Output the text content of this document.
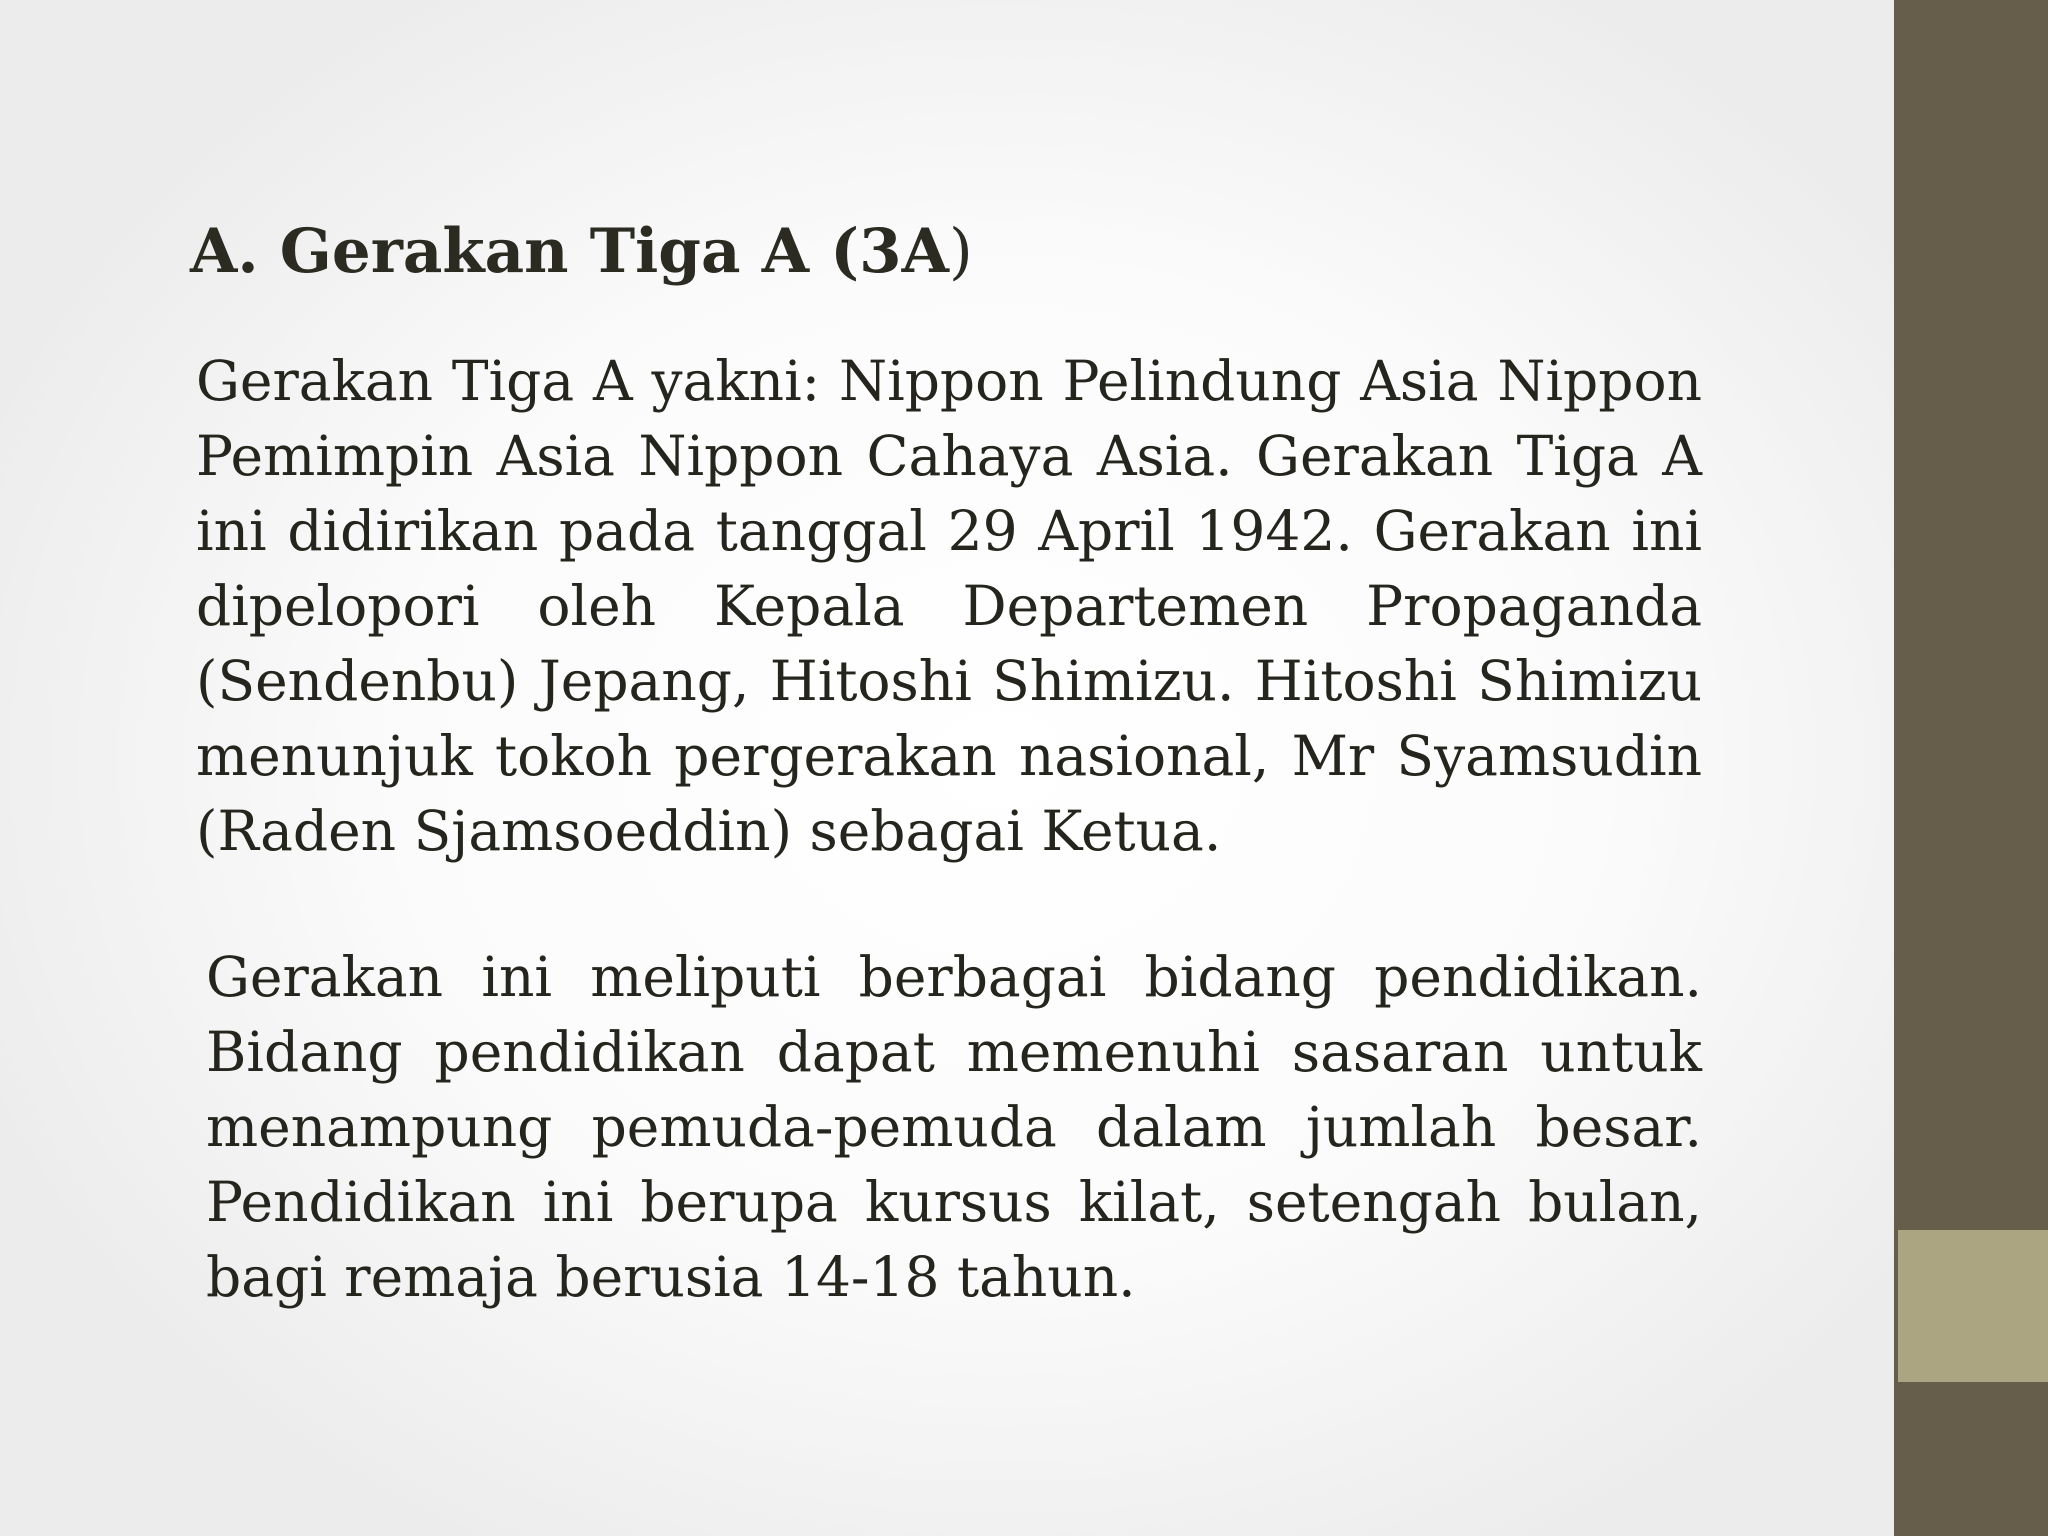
A. Gerakan Tiga A (3A)

Gerakan Tiga A yakni: Nippon Pelindung Asia Nippon Pemimpin Asia Nippon Cahaya Asia. Gerakan Tiga A ini didirikan pada tanggal 29 April 1942. Gerakan ini dipelopori oleh Kepala Departemen Propaganda (Sendenbu) Jepang, Hitoshi Shimizu. Hitoshi Shimizu menunjuk tokoh pergerakan nasional, Mr Syamsudin (Raden Sjamsoeddin) sebagai Ketua.

Gerakan ini meliputi berbagai bidang pendidikan. Bidang pendidikan dapat memenuhi sasaran untuk menampung pemuda-pemuda dalam jumlah besar. Pendidikan ini berupa kursus kilat, setengah bulan, bagi remaja berusia 14-18 tahun.
